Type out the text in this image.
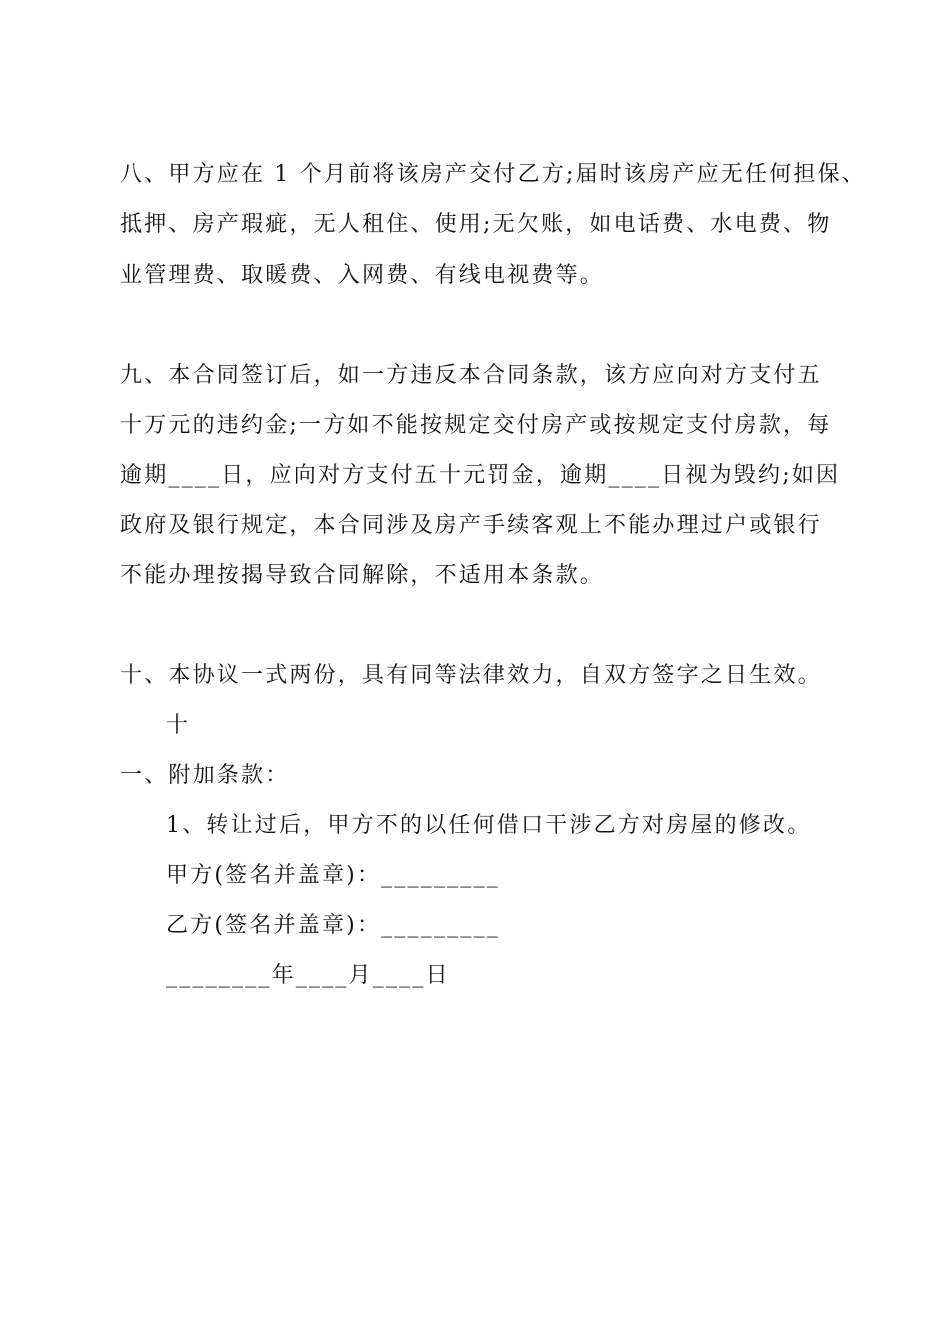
八、甲方应在 1 个月前将该房产交付乙方;届时该房产应无任何担保、
抵押、房产瑕疵，无人租住、使用;无欠账，如电话费、水电费、物
业管理费、取暖费、入网费、有线电视费等。
九、本合同签订后，如一方违反本合同条款，该方应向对方支付五
十万元的违约金;一方如不能按规定交付房产或按规定支付房款，每
逾期____日，应向对方支付五十元罚金，逾期____日视为毁约;如因
政府及银行规定，本合同涉及房产手续客观上不能办理过户或银行
不能办理按揭导致合同解除，不适用本条款。
十、本协议一式两份，具有同等法律效力，自双方签字之日生效。
十
一、附加条款：
1、转让过后，甲方不的以任何借口干涉乙方对房屋的修改。
甲方(签名并盖章)：_________
乙方(签名并盖章)：_________
________年____月____日
